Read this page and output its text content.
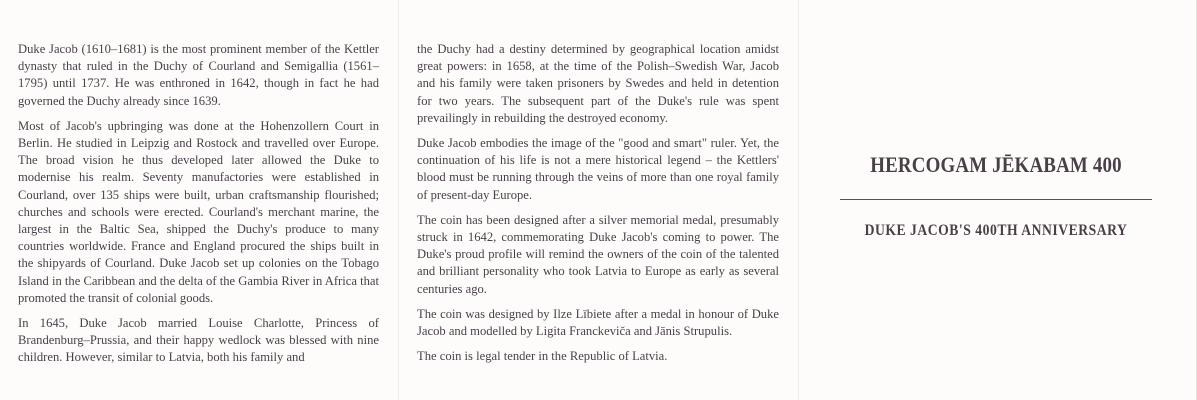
Duke Jacob (1610–1681) is the most prominent member of the Kettler dynasty that ruled in the Duchy of Courland and Semigallia (1561–1795) until 1737. He was enthroned in 1642, though in fact he had governed the Duchy already since 1639.

Most of Jacob's upbringing was done at the Hohenzollern Court in Berlin. He studied in Leipzig and Rostock and travelled over Europe. The broad vision he thus developed later allowed the Duke to modernise his realm. Seventy manufactories were established in Courland, over 135 ships were built, urban craftsmanship flourished; churches and schools were erected. Courland's merchant marine, the largest in the Baltic Sea, shipped the Duchy's produce to many countries worldwide. France and England procured the ships built in the shipyards of Courland. Duke Jacob set up colonies on the Tobago Island in the Caribbean and the delta of the Gambia River in Africa that promoted the transit of colonial goods.

In 1645, Duke Jacob married Louise Charlotte, Princess of Brandenburg–Prussia, and their happy wedlock was blessed with nine children. However, similar to Latvia, both his family and

the Duchy had a destiny determined by geographical location amidst great powers: in 1658, at the time of the Polish–Swedish War, Jacob and his family were taken prisoners by Swedes and held in detention for two years. The subsequent part of the Duke's rule was spent prevailingly in rebuilding the destroyed economy.

Duke Jacob embodies the image of the "good and smart" ruler. Yet, the continuation of his life is not a mere historical legend – the Kettlers' blood must be running through the veins of more than one royal family of present-day Europe.

The coin has been designed after a silver memorial medal, presumably struck in 1642, commemorating Duke Jacob's coming to power. The Duke's proud profile will remind the owners of the coin of the talented and brilliant personality who took Latvia to Europe as early as several centuries ago.

The coin was designed by Ilze Lībiete after a medal in honour of Duke Jacob and modelled by Ligita Franckeviča and Jānis Strupulis.

The coin is legal tender in the Republic of Latvia.

HERCOGAM JĒKABAM 400
DUKE JACOB'S 400TH ANNIVERSARY
